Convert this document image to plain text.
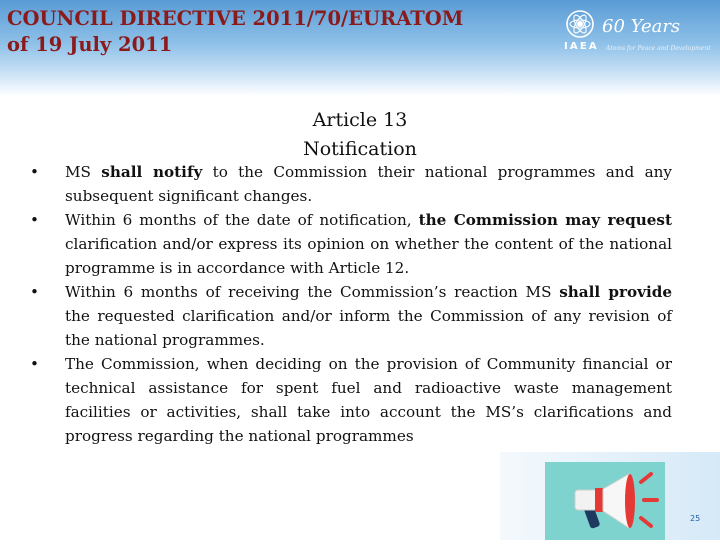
COUNCIL DIRECTIVE 2011/70/EURATOM
of 19 July 2011
60 Years
IAEA Atoms for Peace and Development
Article 13
Notification
• MS shall notify to the Commission their national programmes and any subsequent significant changes.
• Within 6 months of the date of notification, the Commission may request clarification and/or express its opinion on whether the content of the national programme is in accordance with Article 12.
• Within 6 months of receiving the Commission’s reaction MS shall provide the requested clarification and/or inform the Commission of any revision of the national programmes.
• The Commission, when deciding on the provision of Community financial or technical assistance for spent fuel and radioactive waste management facilities or activities, shall take into account the MS’s clarifications and progress regarding the national programmes
25
